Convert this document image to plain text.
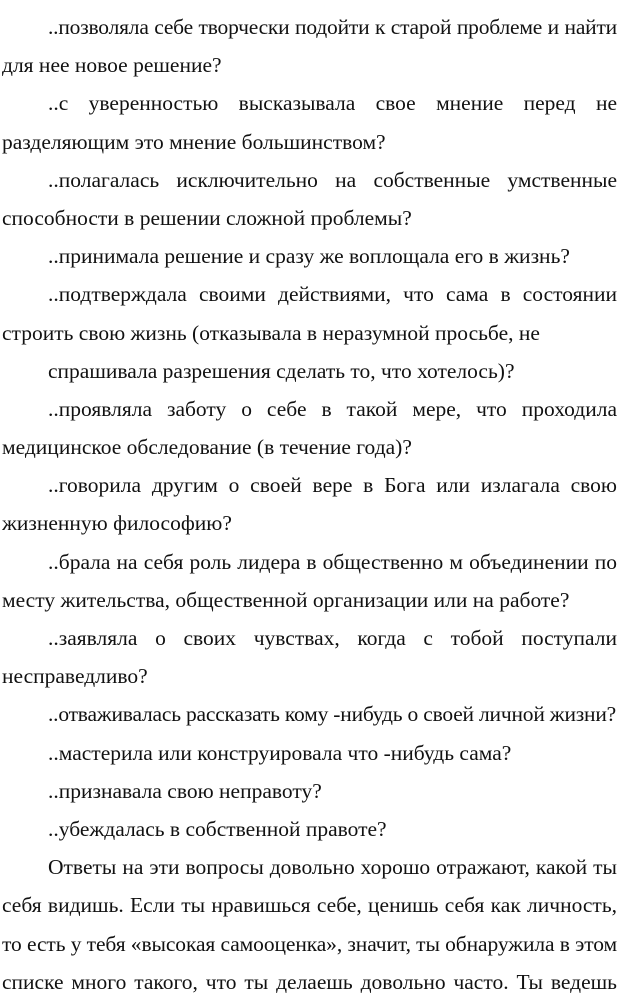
..позволяла себе творчески подойти к старой проблеме и найти
для нее новое решение?
..с уверенностью высказывала свое мнение перед не
разделяющим это мнение большинством?
..полагалась исключительно на собственные умственные
способности в решении сложной проблемы?
..принимала решение и сразу же воплощала его в жизнь?
..подтверждала своими действиями, что сама в состоянии
строить свою жизнь (отказывала в неразумной просьбе, не
спрашивала разрешения сделать то, что хотелось)?
..проявляла заботу о себе в такой мере, что проходила
медицинское обследование (в течение года)?
..говорила другим о своей вере в Бога или излагала свою
жизненную философию?
..брала на себя роль лидера в общественно м объединении по
месту жительства, общественной организации или на работе?
..заявляла о своих чувствах, когда с тобой поступали
несправедливо?
..отваживалась рассказать кому -нибудь о своей личной жизни?
..мастерила или конструировала что -нибудь сама?
..признавала свою неправоту?
..убеждалась в собственной правоте?
Ответы на эти вопросы довольно хорошо отражают, какой ты
себя видишь. Если ты нравишься себе, ценишь себя как личность,
то есть у тебя «высокая самооценка», значит, ты обнаружила в этом
списке много такого, что ты делаешь довольно часто. Ты ведешь
